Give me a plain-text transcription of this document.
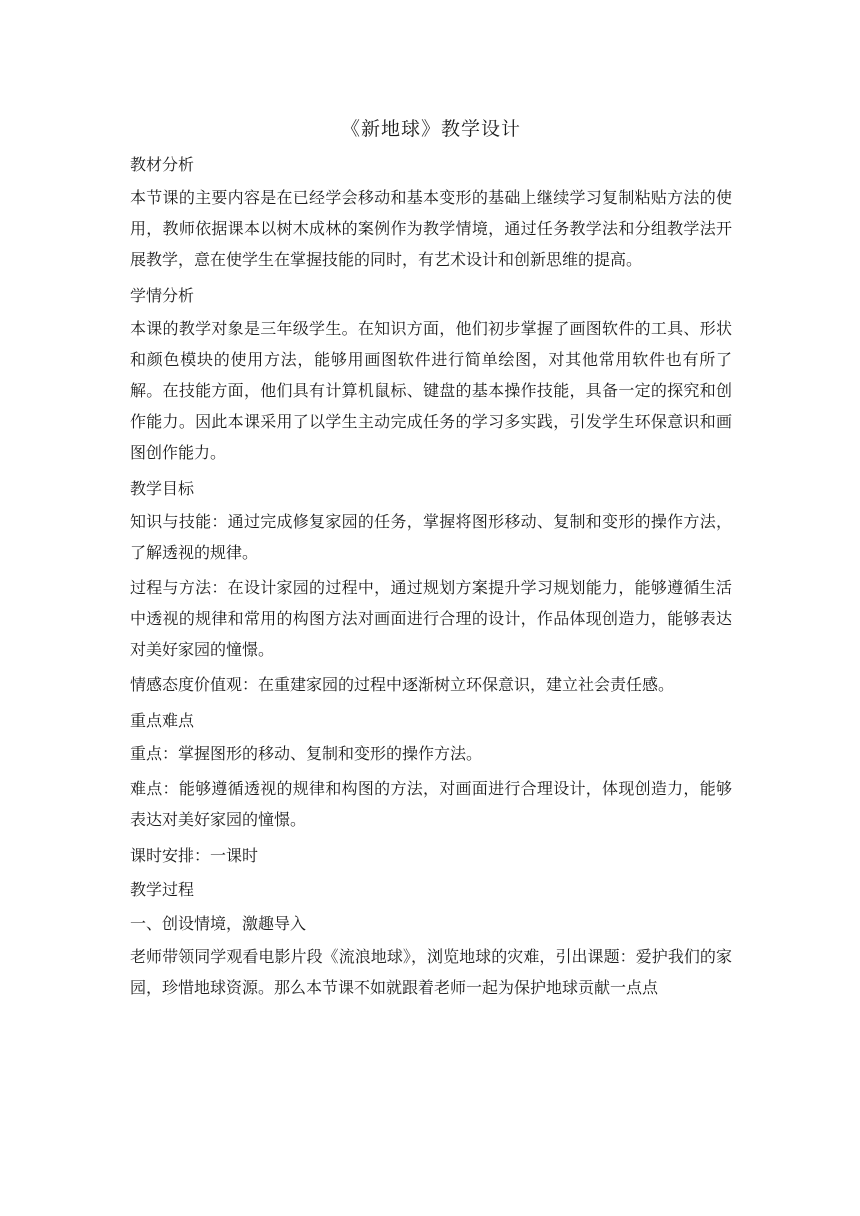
《新地球》教学设计

教材分析

本节课的主要内容是在已经学会移动和基本变形的基础上继续学习复制粘贴方法的使用，教师依据课本以树木成林的案例作为教学情境，通过任务教学法和分组教学法开展教学，意在使学生在掌握技能的同时，有艺术设计和创新思维的提高。

学情分析

本课的教学对象是三年级学生。在知识方面，他们初步掌握了画图软件的工具、形状和颜色模块的使用方法，能够用画图软件进行简单绘图，对其他常用软件也有所了解。在技能方面，他们具有计算机鼠标、键盘的基本操作技能，具备一定的探究和创作能力。因此本课采用了以学生主动完成任务的学习多实践，引发学生环保意识和画图创作能力。

教学目标

知识与技能：通过完成修复家园的任务，掌握将图形移动、复制和变形的操作方法，了解透视的规律。

过程与方法：在设计家园的过程中，通过规划方案提升学习规划能力，能够遵循生活中透视的规律和常用的构图方法对画面进行合理的设计，作品体现创造力，能够表达对美好家园的憧憬。

情感态度价值观：在重建家园的过程中逐渐树立环保意识，建立社会责任感。

重点难点

重点：掌握图形的移动、复制和变形的操作方法。

难点：能够遵循透视的规律和构图的方法，对画面进行合理设计，体现创造力，能够表达对美好家园的憧憬。

课时安排：一课时

教学过程

一、创设情境，激趣导入

老师带领同学观看电影片段《流浪地球》，浏览地球的灾难，引出课题：爱护我们的家园，珍惜地球资源。那么本节课不如就跟着老师一起为保护地球贡献一点点
